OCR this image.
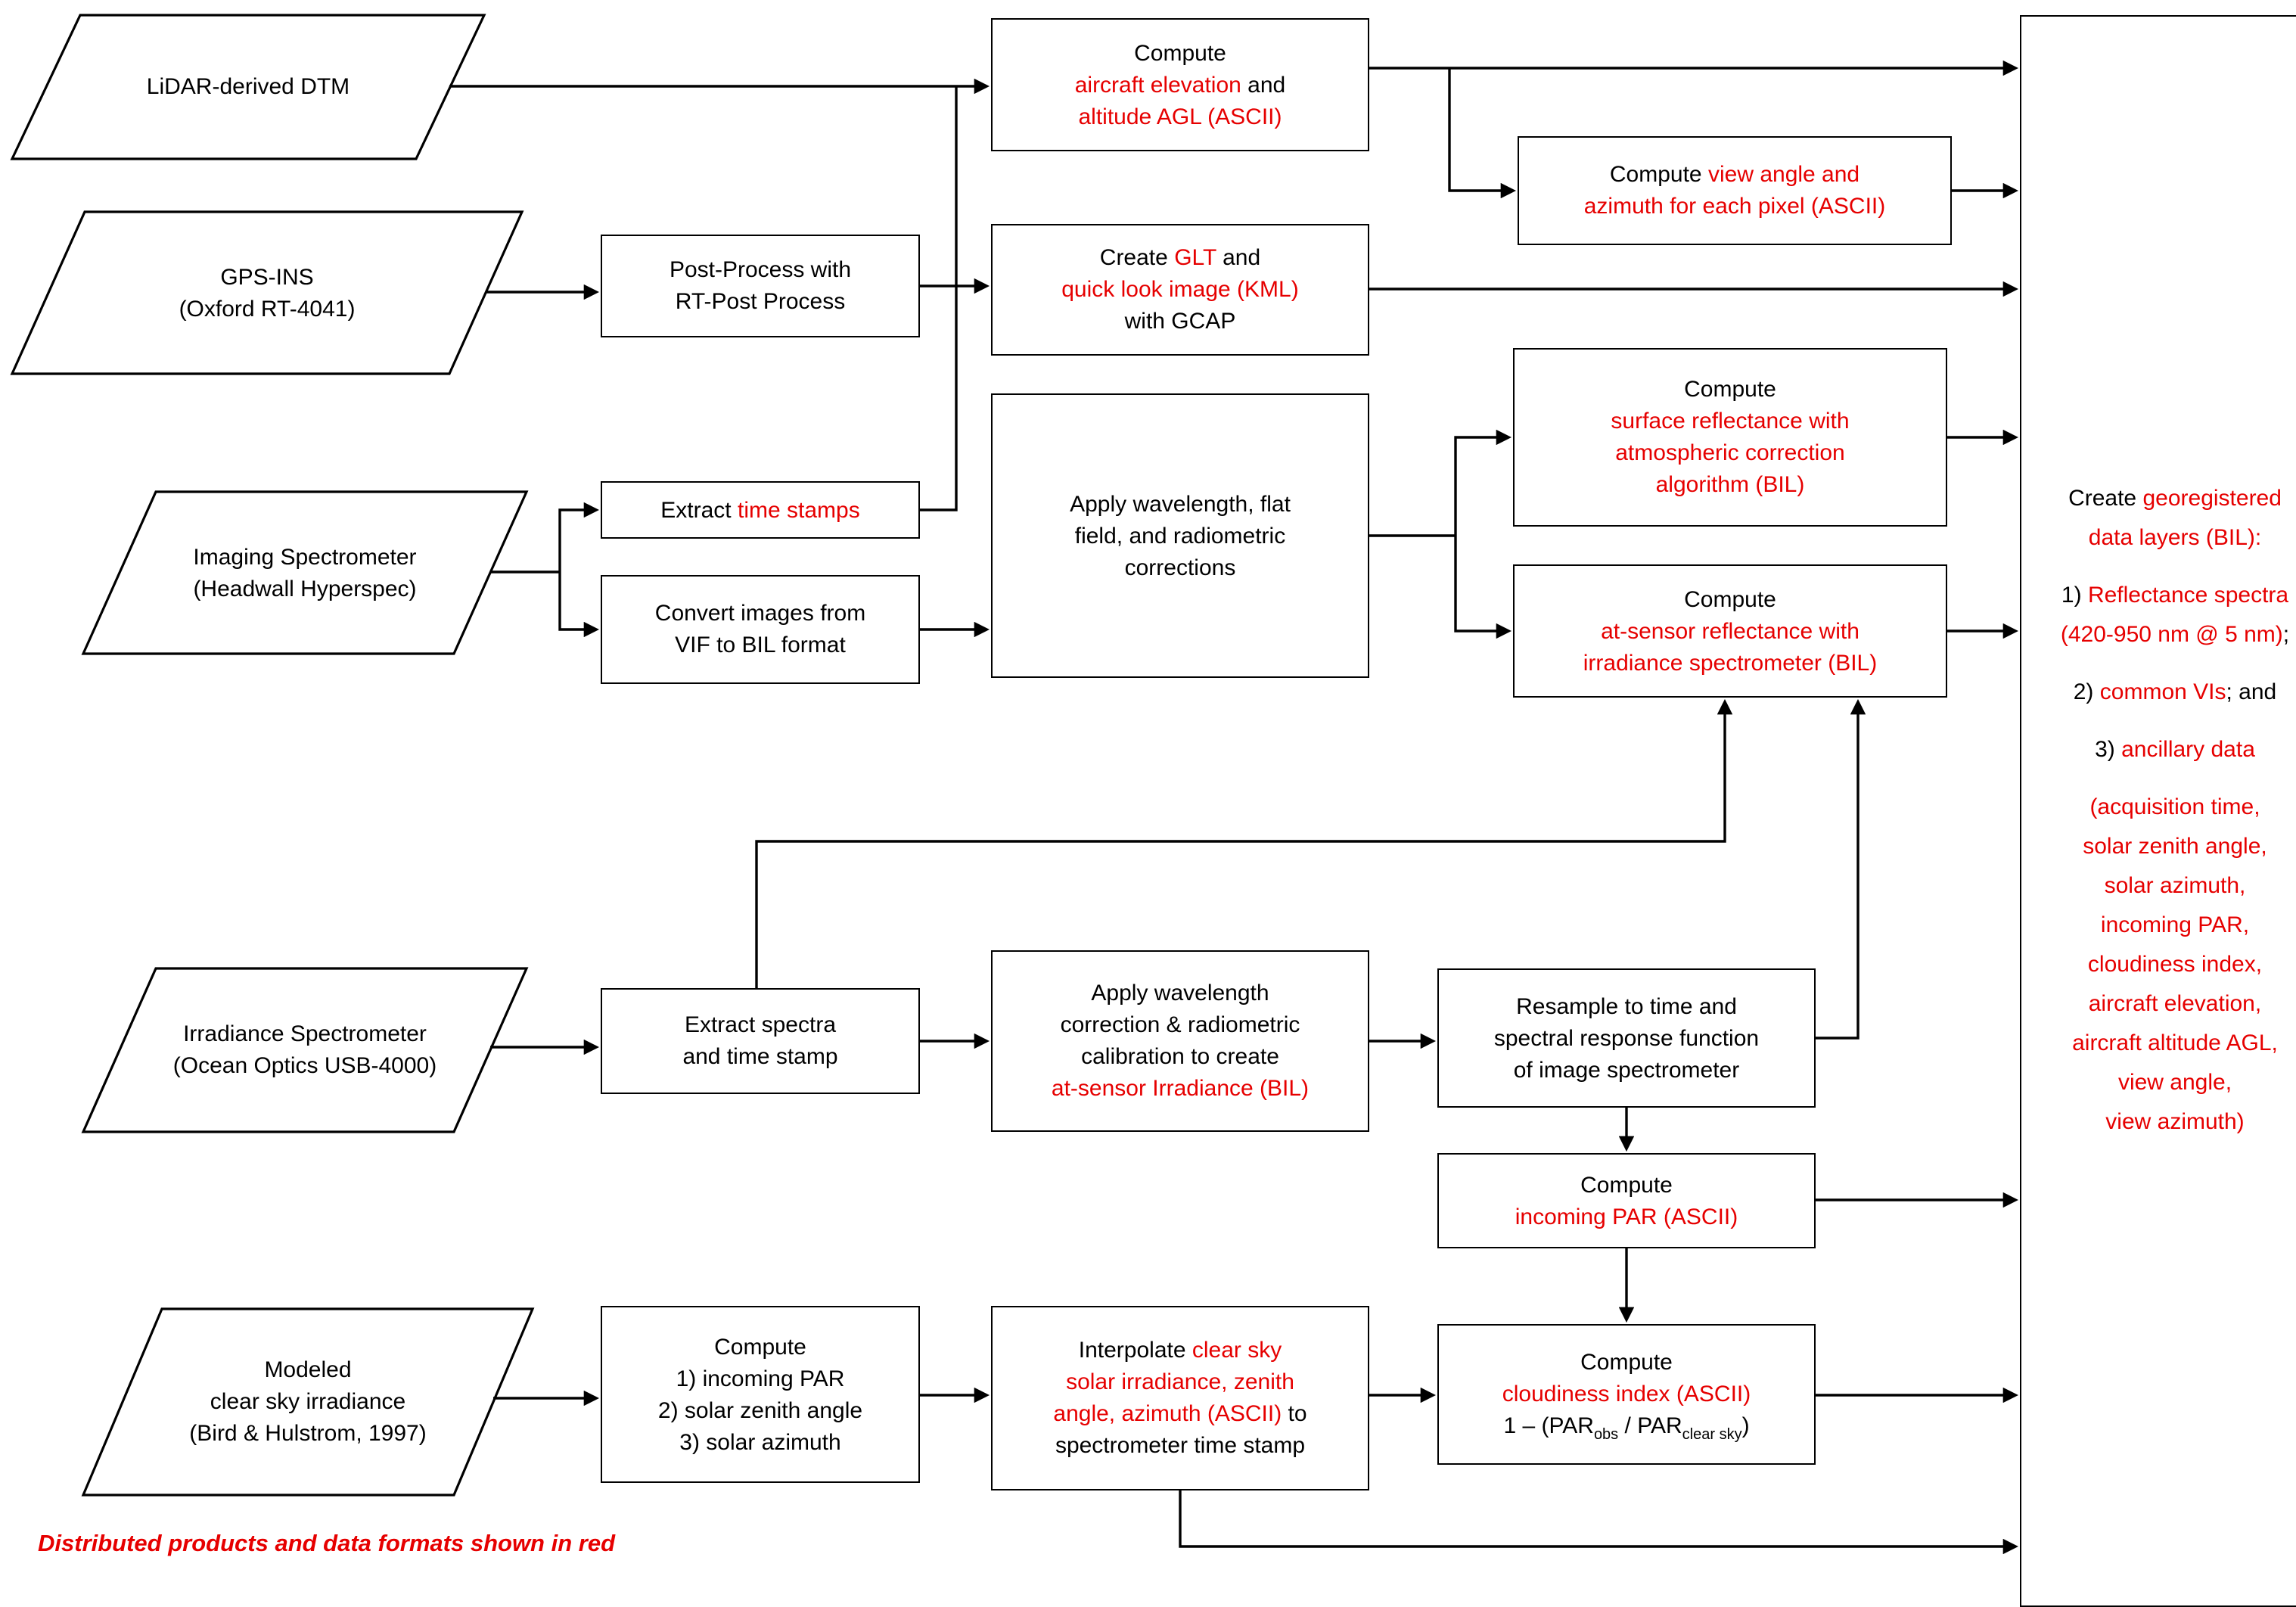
LiDAR-derived DTM
GPS-INS
(Oxford RT-4041)
Imaging Spectrometer
(Headwall Hyperspec)
Irradiance Spectrometer
(Ocean Optics USB-4000)
Modeled
clear sky irradiance
(Bird & Hulstrom, 1997)
Compute
aircraft elevation and
altitude AGL (ASCII)
Compute view angle and
azimuth for each pixel (ASCII)
Post-Process with
RT-Post Process
Create GLT and
quick look image (KML)
with GCAP
Extract time stamps
Convert images from
VIF to BIL format
Apply wavelength, flat
field, and radiometric
corrections
Compute
surface reflectance with
atmospheric correction
algorithm (BIL)
Compute
at-sensor reflectance with
irradiance spectrometer (BIL)
Extract spectra
and time stamp
Apply wavelength
correction & radiometric
calibration to create
at-sensor Irradiance (BIL)
Resample to time and
spectral response function
of image spectrometer
Compute
incoming PAR (ASCII)
Compute
1) incoming PAR
2) solar zenith angle
3) solar azimuth
Interpolate clear sky
solar irradiance, zenith
angle, azimuth (ASCII) to
spectrometer time stamp
Compute
cloudiness index (ASCII)
$1 - (PAR_{obs} / PAR_{clear sky})$
Create georegistered
data layers (BIL):
1) Reflectance spectra
(420-950 nm @ 5 nm);
2) common VIs; and
3) ancillary data
(acquisition time,
solar zenith angle,
solar azimuth,
incoming PAR,
cloudiness index,
aircraft elevation,
aircraft altitude AGL,
view angle,
view azimuth)
Distributed products and data formats shown in red
